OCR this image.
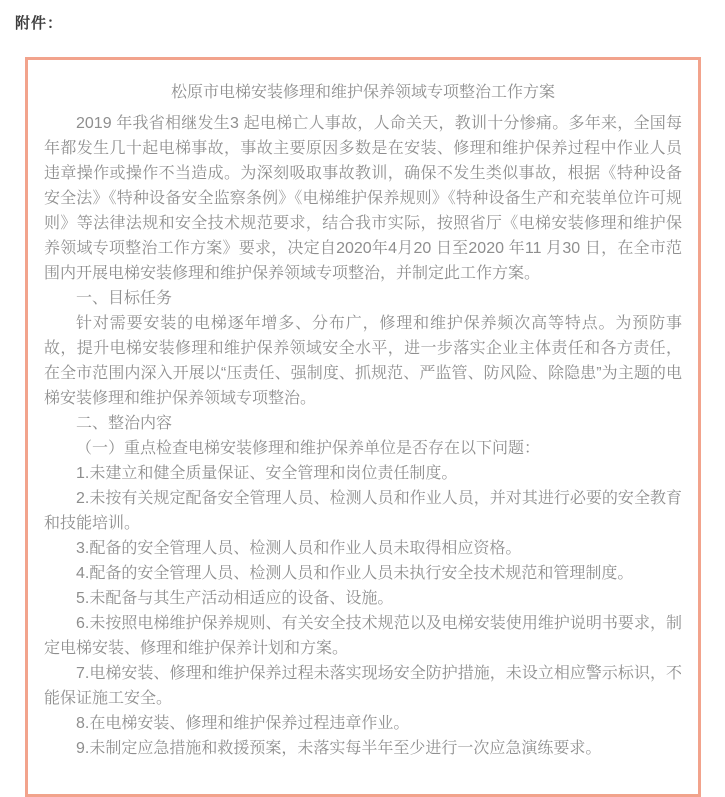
附件：
松原市电梯安装修理和维护保养领域专项整治工作方案

2019 年我省相继发生3 起电梯亡人事故，人命关天，教训十分惨痛。多年来，全国每年都发生几十起电梯事故，事故主要原因多数是在安装、修理和维护保养过程中作业人员违章操作或操作不当造成。为深刻吸取事故教训，确保不发生类似事故，根据《特种设备安全法》《特种设备安全监察条例》《电梯维护保养规则》《特种设备生产和充装单位许可规则》等法律法规和安全技术规范要求，结合我市实际，按照省厅《电梯安装修理和维护保养领域专项整治工作方案》要求，决定自2020年4月20 日至2020 年11 月30 日，在全市范围内开展电梯安装修理和维护保养领域专项整治，并制定此工作方案。

一、目标任务

针对需要安装的电梯逐年增多、分布广，修理和维护保养频次高等特点。为预防事故，提升电梯安装修理和维护保养领域安全水平，进一步落实企业主体责任和各方责任，在全市范围内深入开展以“压责任、强制度、抓规范、严监管、防风险、除隐患”为主题的电梯安装修理和维护保养领域专项整治。

二、整治内容

（一）重点检查电梯安装修理和维护保养单位是否存在以下问题：

1.未建立和健全质量保证、安全管理和岗位责任制度。

2.未按有关规定配备安全管理人员、检测人员和作业人员，并对其进行必要的安全教育和技能培训。

3.配备的安全管理人员、检测人员和作业人员未取得相应资格。

4.配备的安全管理人员、检测人员和作业人员未执行安全技术规范和管理制度。

5.未配备与其生产活动相适应的设备、设施。

6.未按照电梯维护保养规则、有关安全技术规范以及电梯安装使用维护说明书要求，制定电梯安装、修理和维护保养计划和方案。

7.电梯安装、修理和维护保养过程未落实现场安全防护措施，未设立相应警示标识，不能保证施工安全。

8.在电梯安装、修理和维护保养过程违章作业。

9.未制定应急措施和救援预案，未落实每半年至少进行一次应急演练要求。
